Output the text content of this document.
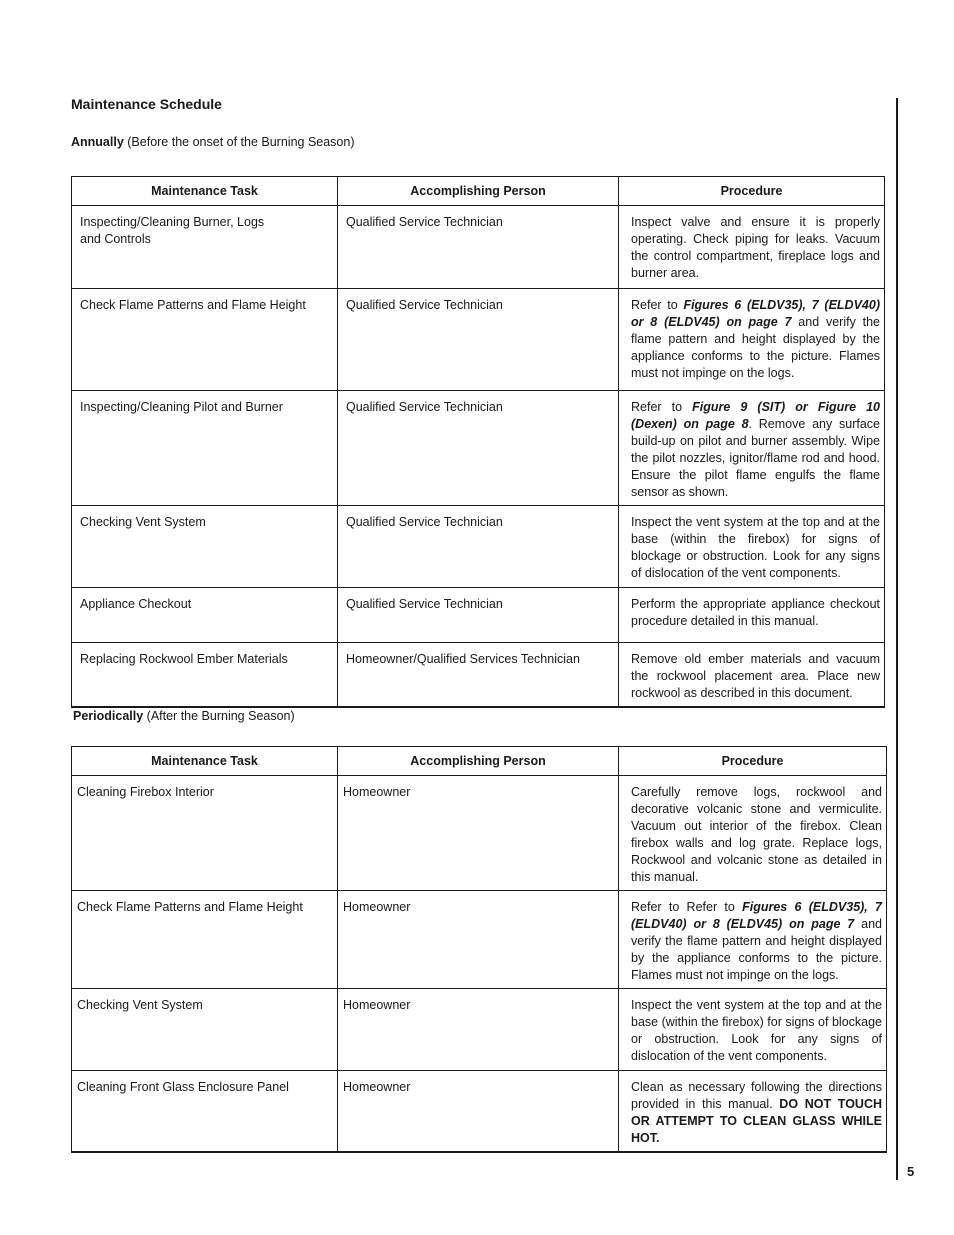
5
Maintenance Schedule
Annually (Before the onset of the Burning Season)
Maintenance Task	Accomplishing Person	Procedure
Inspecting/Cleaning Burner, Logs
and Controls	Qualified Service Technician	Inspect valve and ensure it is properly operating. Check piping for leaks. Vacuum the control compartment, fireplace logs and burner area.
Check Flame Patterns and Flame Height	Qualified Service Technician	Refer to Figures 6 (ELDV35), 7 (ELDV40) or 8 (ELDV45) on page 7 and verify the flame pattern and height displayed by the appliance conforms to the picture. Flames must not impinge on the logs.
Inspecting/Cleaning Pilot and Burner	Qualified Service Technician	Refer to Figure 9 (SIT) or Figure 10 (Dexen) on page 8. Remove any surface build-up on pilot and burner assembly. Wipe the pilot nozzles, ignitor/flame rod and hood. Ensure the pilot flame engulfs the flame sensor as shown.
Checking Vent System	Qualified Service Technician	Inspect the vent system at the top and at the base (within the firebox) for signs of blockage or obstruction. Look for any signs of dislocation of the vent components.
Appliance Checkout	Qualified Service Technician	Perform the appropriate appliance checkout procedure detailed in this manual.
Replacing Rockwool Ember Materials	Homeowner/Qualified Services Technician	Remove old ember materials and vacuum the rockwool placement area. Place new rockwool as described in this document.
Periodically (After the Burning Season)
Maintenance Task	Accomplishing Person	Procedure
Cleaning Firebox Interior	Homeowner	Carefully remove logs, rockwool and decorative volcanic stone and vermiculite. Vacuum out interior of the firebox. Clean firebox walls and log grate. Replace logs, Rockwool and volcanic stone as detailed in this manual.
Check Flame Patterns and Flame Height	Homeowner	Refer to Refer to Figures 6 (ELDV35), 7 (ELDV40) or 8 (ELDV45) on page 7 and verify the flame pattern and height displayed by the appliance conforms to the picture. Flames must not impinge on the logs.
Checking Vent System	Homeowner	Inspect the vent system at the top and at the base (within the firebox) for signs of blockage or obstruction. Look for any signs of dislocation of the vent components.
Cleaning Front Glass Enclosure Panel	Homeowner	Clean as necessary following the directions provided in this manual. DO NOT TOUCH OR ATTEMPT TO CLEAN GLASS WHILE HOT.
